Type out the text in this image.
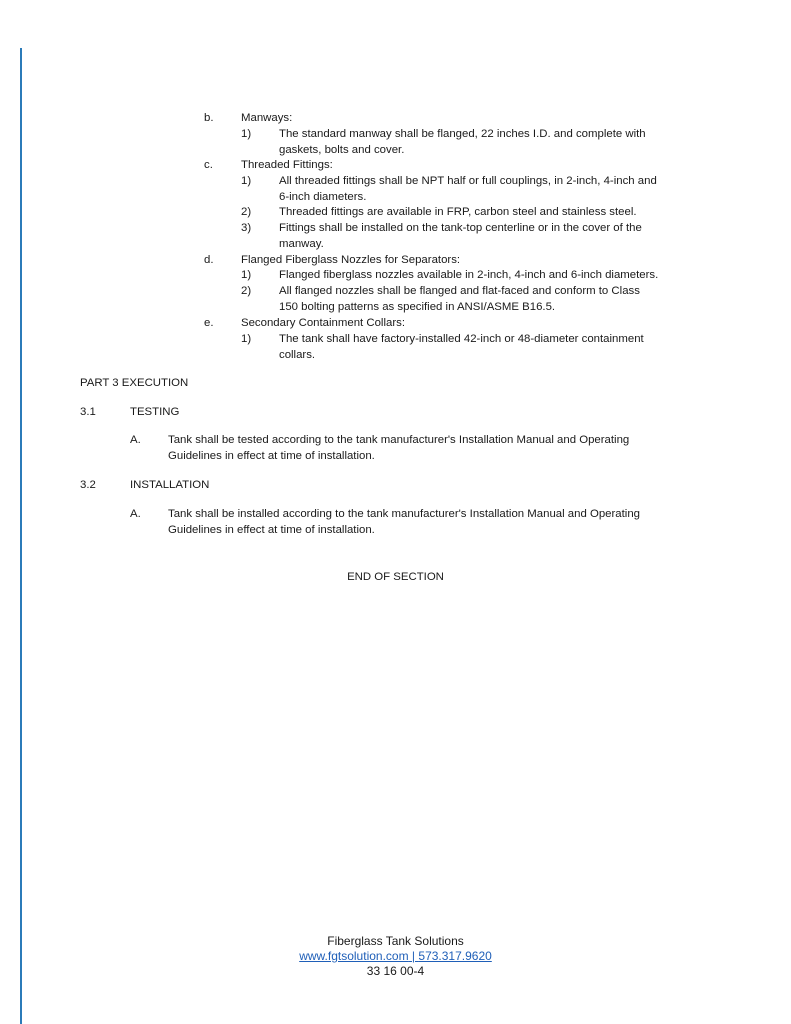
b. Manways:
1) The standard manway shall be flanged, 22 inches I.D. and complete with
gaskets, bolts and cover.
c. Threaded Fittings:
1) All threaded fittings shall be NPT half or full couplings, in 2-inch, 4-inch and
6-inch diameters.
2) Threaded fittings are available in FRP, carbon steel and stainless steel.
3) Fittings shall be installed on the tank-top centerline or in the cover of the
manway.
d. Flanged Fiberglass Nozzles for Separators:
1) Flanged fiberglass nozzles available in 2-inch, 4-inch and 6-inch diameters.
2) All flanged nozzles shall be flanged and flat-faced and conform to Class
150 bolting patterns as specified in ANSI/ASME B16.5.
e. Secondary Containment Collars:
1) The tank shall have factory-installed 42-inch or 48-diameter containment
collars.
PART 3 EXECUTION
3.1	TESTING
A. Tank shall be tested according to the tank manufacturer's Installation Manual and Operating
Guidelines in effect at time of installation.
3.2	INSTALLATION
A. Tank shall be installed according to the tank manufacturer's Installation Manual and Operating
Guidelines in effect at time of installation.
END OF SECTION
Fiberglass Tank Solutions
www.fgtsolution.com | 573.317.9620
33 16 00-4
